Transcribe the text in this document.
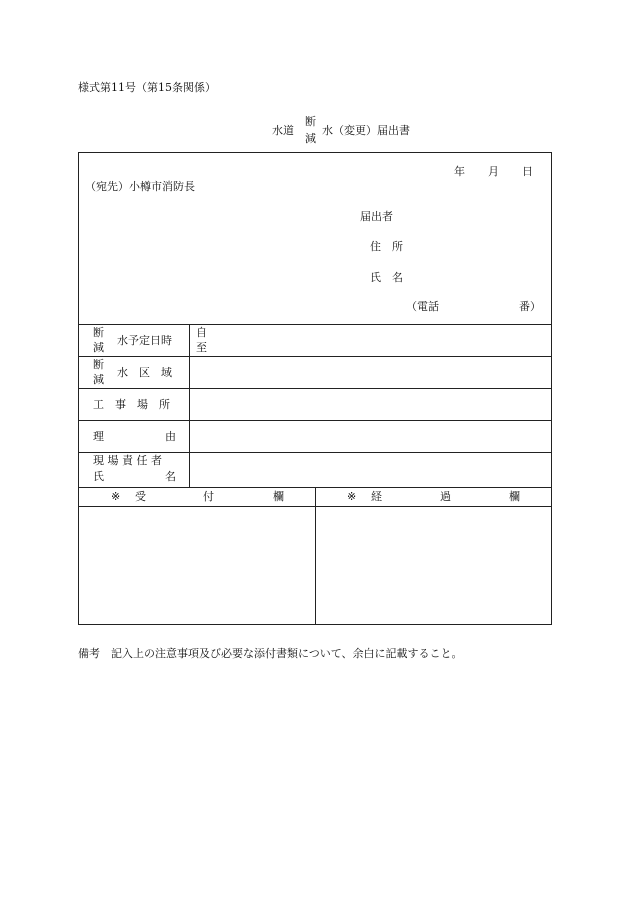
様式第11号（第15条関係）
水道
断
減
水（変更）届出書
年 月 日
（宛先）小樽市消防長
届出者
住　所
氏　名
（電話	番）
断
減
水予定日時
自
至
断
減
水　区　域
工　事　場　所
理	由
現 場 責 任 者
氏	名
※ 受	付	欄	※ 経	過	欄
備考　記入上の注意事項及び必要な添付書類について、余白に記載すること。
